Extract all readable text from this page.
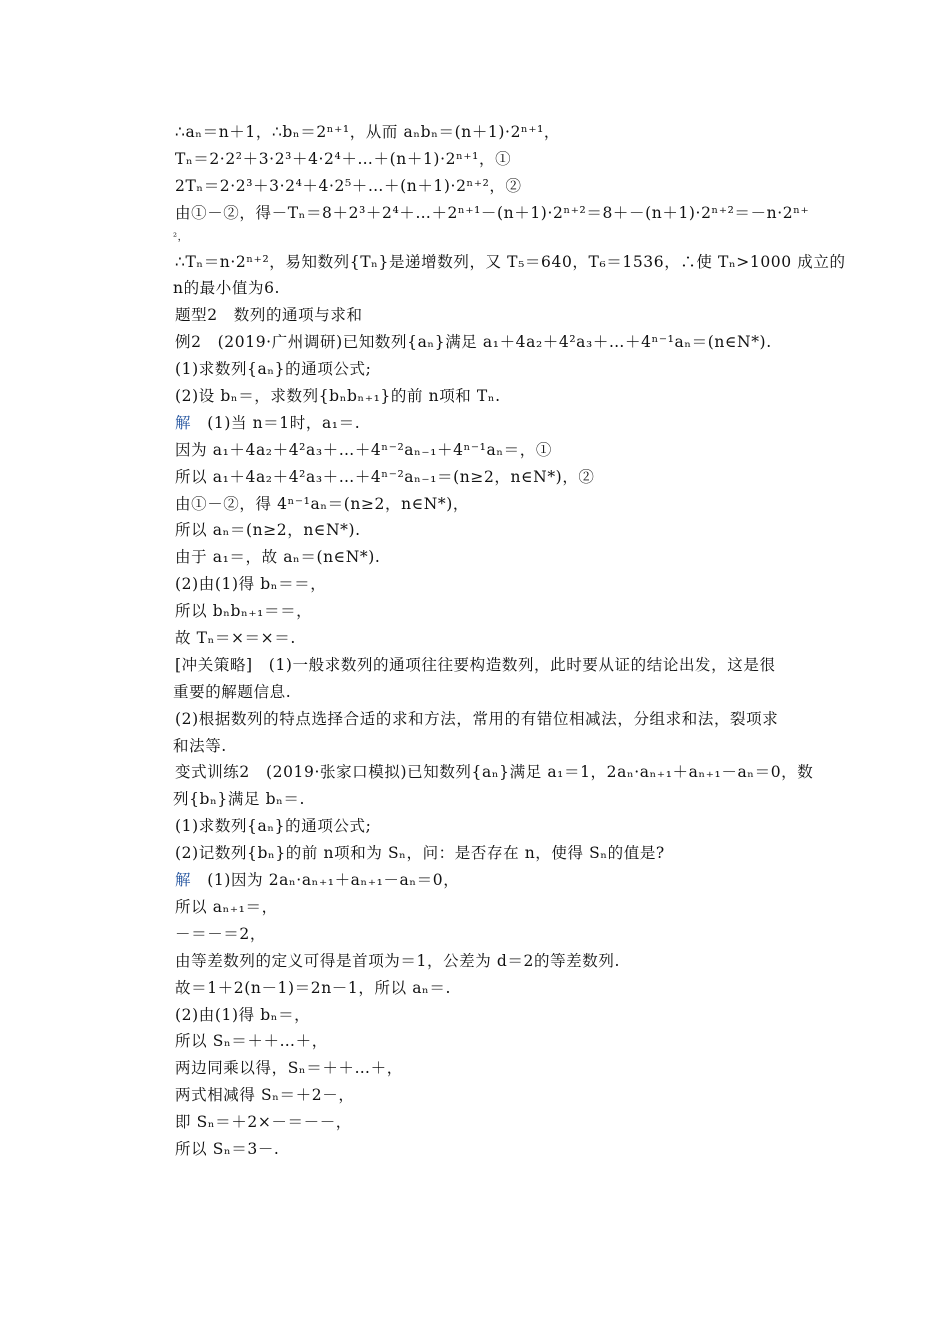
∴aₙ＝n＋1，∴bₙ＝2ⁿ⁺¹，从而 aₙbₙ＝(n＋1)·2ⁿ⁺¹，
Tₙ＝2·2²＋3·2³＋4·2⁴＋…＋(n＋1)·2ⁿ⁺¹，①
2Tₙ＝2·2³＋3·2⁴＋4·2⁵＋…＋(n＋1)·2ⁿ⁺²，②
由①－②，得－Tₙ＝8＋2³＋2⁴＋…＋2ⁿ⁺¹－(n＋1)·2ⁿ⁺²＝8＋－(n＋1)·2ⁿ⁺²＝－n·2ⁿ⁺
²，
∴Tₙ＝n·2ⁿ⁺²，易知数列{Tₙ}是递增数列，又 T₅＝640，T₆＝1536，∴使 Tₙ>1000 成立的
n的最小值为6.
题型2　数列的通项与求和
例2　(2019·广州调研)已知数列{aₙ}满足 a₁＋4a₂＋4²a₃＋…＋4ⁿ⁻¹aₙ＝(n∈N*).
(1)求数列{aₙ}的通项公式;
(2)设 bₙ＝，求数列{bₙbₙ₊₁}的前 n项和 Tₙ.
解　 (1)当 n＝1时，a₁＝.
因为 a₁＋4a₂＋4²a₃＋…＋4ⁿ⁻²aₙ₋₁＋4ⁿ⁻¹aₙ＝，①
所以 a₁＋4a₂＋4²a₃＋…＋4ⁿ⁻²aₙ₋₁＝(n≥2，n∈N*)，②
由①－②，得 4ⁿ⁻¹aₙ＝(n≥2，n∈N*)，
所以 aₙ＝(n≥2，n∈N*).
由于 a₁＝，故 aₙ＝(n∈N*).
(2)由(1)得 bₙ＝＝，
所以 bₙbₙ₊₁＝＝，
故 Tₙ＝×＝×＝.
[冲关策略]　(1)一般求数列的通项往往要构造数列，此时要从证的结论出发，这是很
重要的解题信息.
(2)根据数列的特点选择合适的求和方法，常用的有错位相减法，分组求和法，裂项求
和法等.
变式训练2　(2019·张家口模拟)已知数列{aₙ}满足 a₁＝1，2aₙ·aₙ₊₁＋aₙ₊₁－aₙ＝0，数
列{bₙ}满足 bₙ＝.
(1)求数列{aₙ}的通项公式;
(2)记数列{bₙ}的前 n项和为 Sₙ，问：是否存在 n，使得 Sₙ的值是?
解　 (1)因为 2aₙ·aₙ₊₁＋aₙ₊₁－aₙ＝0，
所以 aₙ₊₁＝，
－＝－＝2，
由等差数列的定义可得是首项为＝1，公差为 d＝2的等差数列.
故＝1＋2(n－1)＝2n－1，所以 aₙ＝.
(2)由(1)得 bₙ＝，
所以 Sₙ＝＋＋…＋，
两边同乘以得，Sₙ＝＋＋…＋，
两式相减得 Sₙ＝＋2－，
即 Sₙ＝＋2×－＝－－，
所以 Sₙ＝3－.
